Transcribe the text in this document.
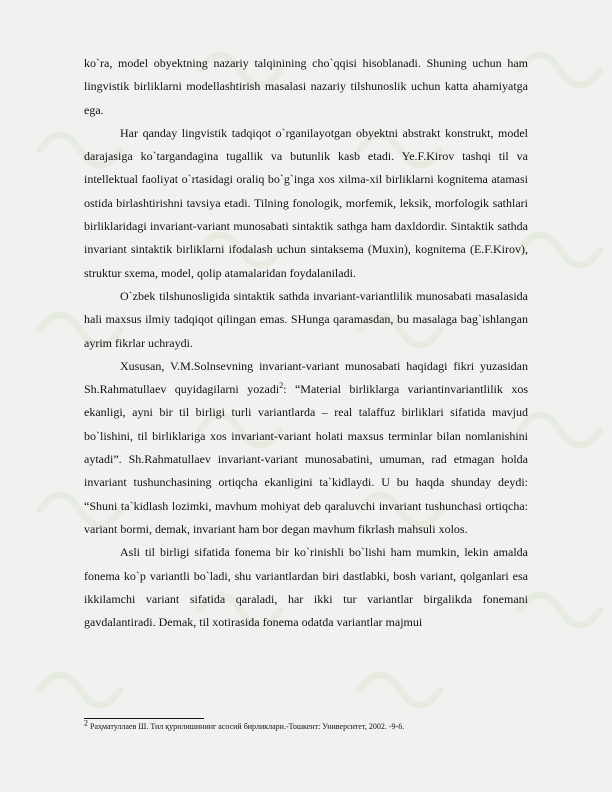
ko`ra, model obyektning nazariy talqinining cho`qqisi hisoblanadi. Shuning uchun ham lingvistik birliklarni modellashtirish masalasi nazariy tilshunoslik uchun katta ahamiyatga ega.

Har qanday lingvistik tadqiqot o`rganilayotgan obyektni abstrakt konstrukt, model darajasiga ko`targandagina tugallik va butunlik kasb etadi. Ye.F.Kirov tashqi til va intellektual faoliyat o`rtasidagi oraliq bo`g`inga xos xilma-xil birliklarni kognitema atamasi ostida birlashtirishni tavsiya etadi. Tilning fonologik, morfemik, leksik, morfologik sathlari birliklaridagi invariant-variant munosabati sintaktik sathga ham daxldordir. Sintaktik sathda invariant sintaktik birliklarni ifodalash uchun sintaksema (Muxin), kognitema (E.F.Kirov), struktur sxema, model, qolip atamalaridan foydalaniladi.

O`zbek tilshunosligida sintaktik sathda invariant-variantlilik munosabati masalasida hali maxsus ilmiy tadqiqot qilingan emas. SHunga qaramasdan, bu masalaga bag`ishlangan ayrim fikrlar uchraydi.

Xususan, V.M.Solnsevning invariant-variant munosabati haqidagi fikri yuzasidan Sh.Rahmatullaev quyidagilarni yozadi$^2$: “Material birliklarga variantinvariantlilik xos ekanligi, ayni bir til birligi turli variantlarda – real talaffuz birliklari sifatida mavjud bo`lishini, til birliklariga xos invariant-variant holati maxsus terminlar bilan nomlanishini aytadi”. Sh.Rahmatullaev invariant-variant munosabatini, umuman, rad etmagan holda invariant tushunchasining ortiqcha ekanligini ta`kidlaydi. U bu haqda shunday deydi: “Shuni ta`kidlash lozimki, mavhum mohiyat deb qaraluvchi invariant tushunchasi ortiqcha: variant bormi, demak, invariant ham bor degan mavhum fikrlash mahsuli xolos.

Asli til birligi sifatida fonema bir ko`rinishli bo`lishi ham mumkin, lekin amalda fonema ko`p variantli bo`ladi, shu variantlardan biri dastlabki, bosh variant, qolganlari esa ikkilamchi variant sifatida qaraladi, har ikki tur variantlar birgalikda fonemani gavdalantiradi. Demak, til xotirasida fonema odatda variantlar majmui

$^2$ Раҳматуллаев Ш. Тил қурилишининг асосий бирликлари.-Тошкент: Университет, 2002. -9-6.
